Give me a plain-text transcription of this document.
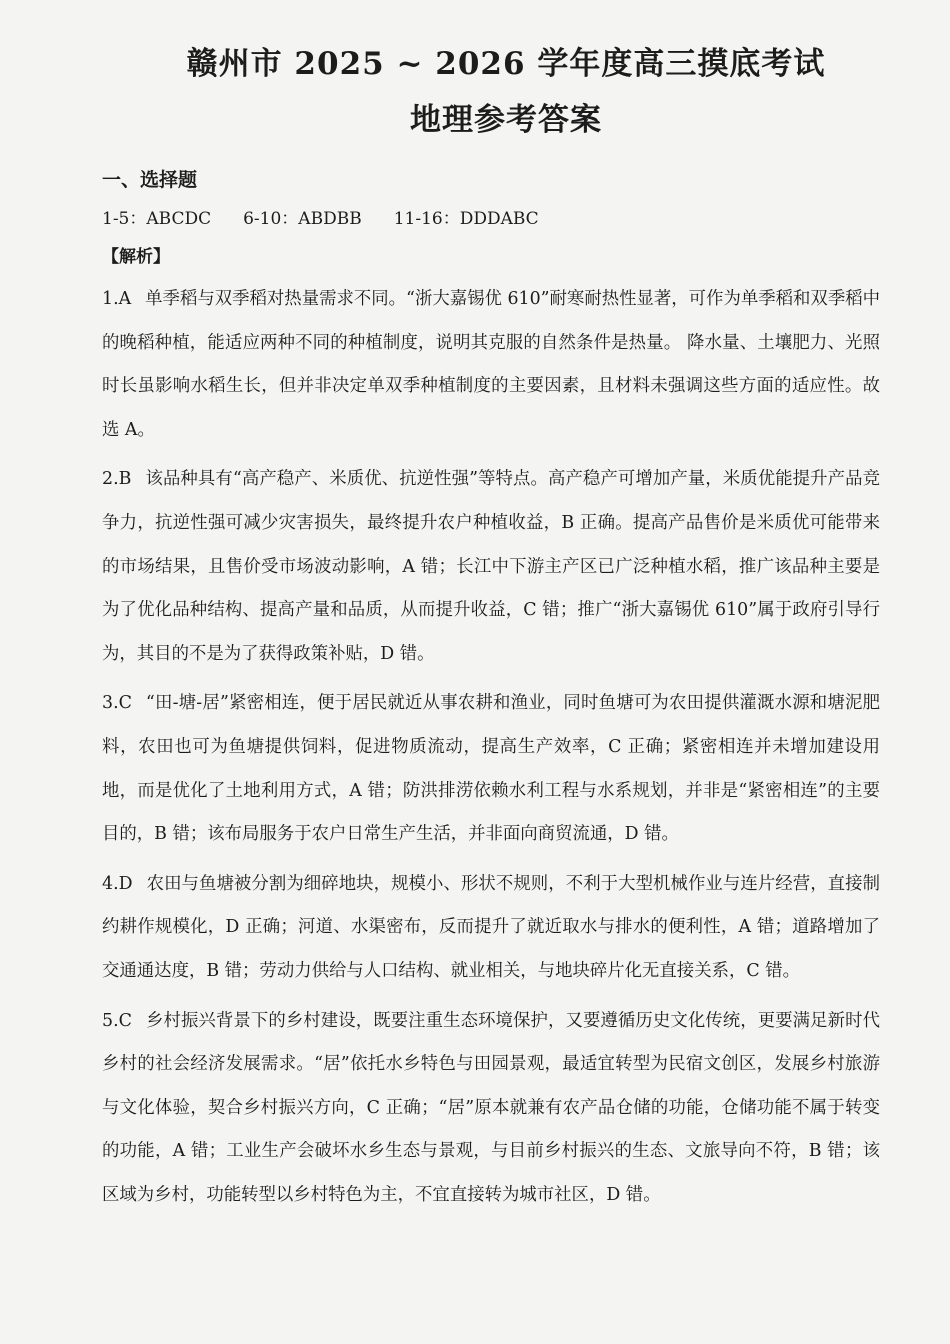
赣州市 2025 ~ 2026 学年度高三摸底考试
地理参考答案
一、选择题
1-5：ABCDC 6-10：ABDBB 11-16：DDDABC
【解析】
1.A 单季稻与双季稻对热量需求不同。“浙大嘉锡优 610”耐寒耐热性显著，可作为单季稻和双季稻中的晚稻种植，能适应两种不同的种植制度，说明其克服的自然条件是热量。 降水量、土壤肥力、光照时长虽影响水稻生长，但并非决定单双季种植制度的主要因素，且材料未强调这些方面的适应性。故选 A。
2.B 该品种具有“高产稳产、米质优、抗逆性强”等特点。高产稳产可增加产量，米质优能提升产品竞争力，抗逆性强可减少灾害损失，最终提升农户种植收益，B 正确。提高产品售价是米质优可能带来的市场结果，且售价受市场波动影响，A 错；长江中下游主产区已广泛种植水稻，推广该品种主要是为了优化品种结构、提高产量和品质，从而提升收益，C 错；推广“浙大嘉锡优 610”属于政府引导行为，其目的不是为了获得政策补贴，D 错。
3.C “田-塘-居”紧密相连，便于居民就近从事农耕和渔业，同时鱼塘可为农田提供灌溉水源和塘泥肥料，农田也可为鱼塘提供饲料，促进物质流动，提高生产效率，C 正确；紧密相连并未增加建设用地，而是优化了土地利用方式，A 错；防洪排涝依赖水利工程与水系规划，并非是“紧密相连”的主要目的，B 错；该布局服务于农户日常生产生活，并非面向商贸流通，D 错。
4.D 农田与鱼塘被分割为细碎地块，规模小、形状不规则，不利于大型机械作业与连片经营，直接制约耕作规模化，D 正确；河道、水渠密布，反而提升了就近取水与排水的便利性，A 错；道路增加了交通通达度，B 错；劳动力供给与人口结构、就业相关，与地块碎片化无直接关系，C 错。
5.C 乡村振兴背景下的乡村建设，既要注重生态环境保护，又要遵循历史文化传统，更要满足新时代乡村的社会经济发展需求。“居”依托水乡特色与田园景观，最适宜转型为民宿文创区，发展乡村旅游与文化体验，契合乡村振兴方向，C 正确；“居”原本就兼有农产品仓储的功能，仓储功能不属于转变的功能，A 错；工业生产会破坏水乡生态与景观，与目前乡村振兴的生态、文旅导向不符，B 错；该区域为乡村，功能转型以乡村特色为主，不宜直接转为城市社区，D 错。
